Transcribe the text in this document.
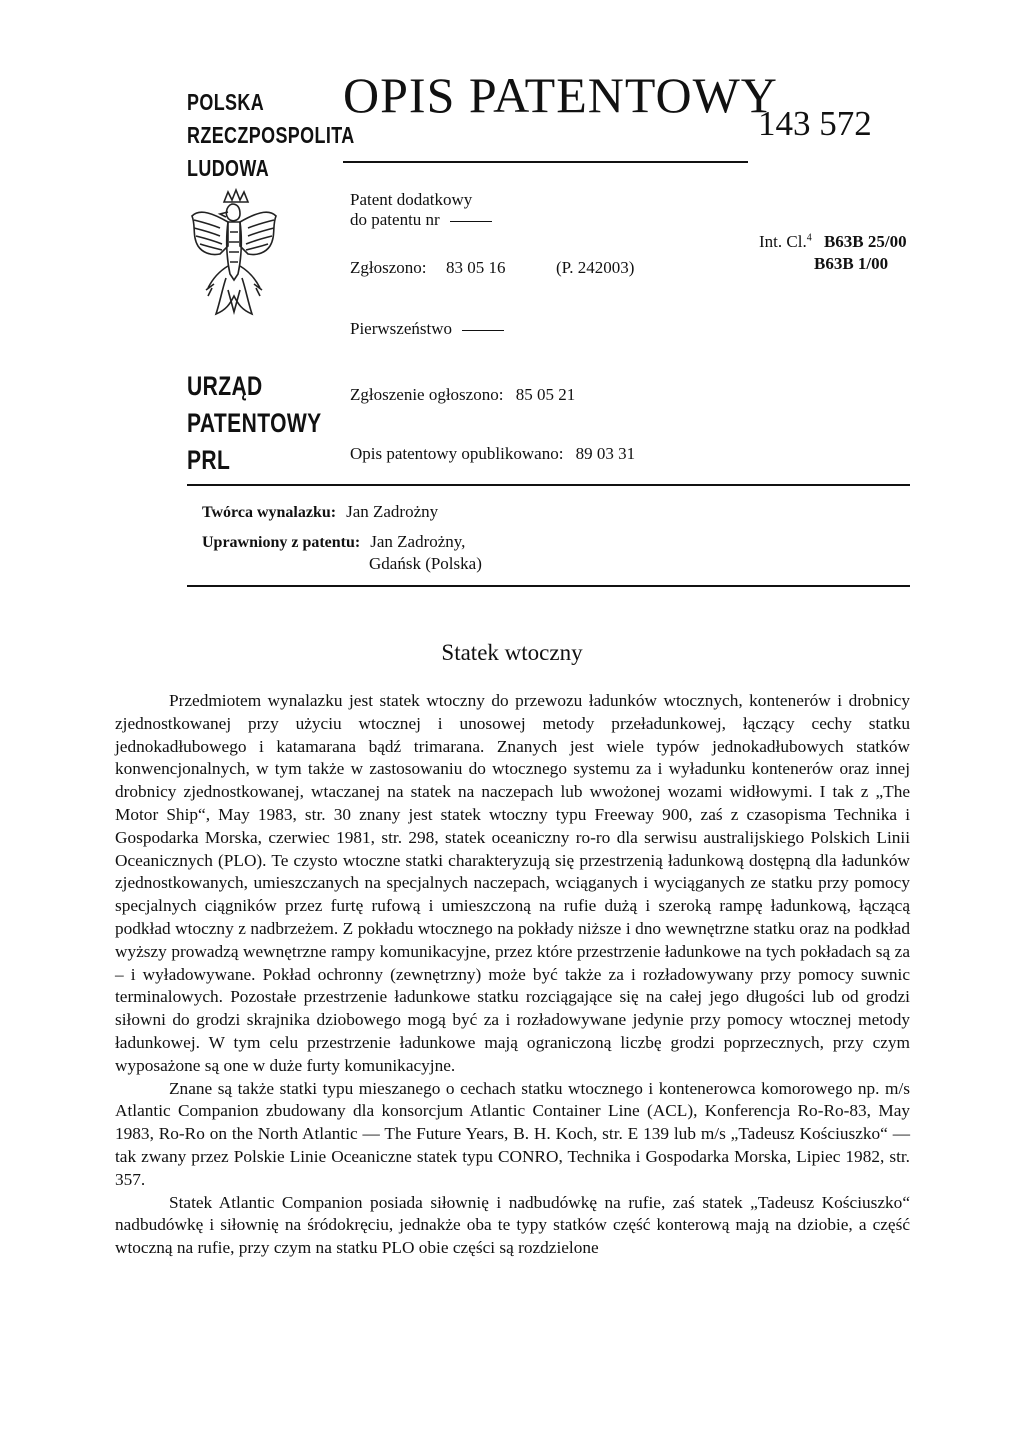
POLSKA
RZECZPOSPOLITA
LUDOWA
URZĄD
PATENTOWY
PRL
OPIS PATENTOWY
143 572
Patent dodatkowy
do patentu nr
Zgłoszono: 83 05 16	(P. 242003)
Int. Cl.$^4$ B63B 25/00
B63B 1/00
Pierwszeństwo
Zgłoszenie ogłoszono: 85 05 21
Opis patentowy opublikowano: 89 03 31
Twórca wynalazku: Jan Zadrożny
Uprawniony z patentu: Jan Zadrożny,
Gdańsk (Polska)
Statek wtoczny

Przedmiotem wynalazku jest statek wtoczny do przewozu ładunków wtocznych, kontenerów i drobnicy zjednostkowanej przy użyciu wtocznej i unosowej metody przeładunkowej, łączący cechy statku jednokadłubowego i katamarana bądź trimarana. Znanych jest wiele typów jednokadłubowych statków konwencjonalnych, w tym także w zastosowaniu do wtocznego systemu za i wyładunku kontenerów oraz innej drobnicy zjednostkowanej, wtaczanej na statek na naczepach lub wwożonej wozami widłowymi. I tak z „The Motor Ship“, May 1983, str. 30 znany jest statek wtoczny typu Freeway 900, zaś z czasopisma Technika i Gospodarka Morska, czerwiec 1981, str. 298, statek oceaniczny ro-ro dla serwisu australijskiego Polskich Linii Oceanicznych (PLO). Te czysto wtoczne statki charakteryzują się przestrzenią ładunkową dostępną dla ładunków zjednostkowanych, umieszczanych na specjalnych naczepach, wciąganych i wyciąganych ze statku przy pomocy specjalnych ciągników przez furtę rufową i umieszczoną na rufie dużą i szeroką rampę ładunkową, łączącą podkład wtoczny z nadbrzeżem. Z pokładu wtocznego na pokłady niższe i dno wewnętrzne statku oraz na podkład wyższy prowadzą wewnętrzne rampy komunikacyjne, przez które przestrzenie ładunkowe na tych pokładach są za – i wyładowywane. Pokład ochronny (zewnętrzny) może być także za i rozładowywany przy pomocy suwnic terminalowych. Pozostałe przestrzenie ładunkowe statku rozciągające się na całej jego długości lub od grodzi siłowni do grodzi skrajnika dziobowego mogą być za i rozładowywane jedynie przy pomocy wtocznej metody ładunkowej. W tym celu przestrzenie ładunkowe mają ograniczoną liczbę grodzi poprzecznych, przy czym wyposażone są one w duże furty komunikacyjne.

Znane są także statki typu mieszanego o cechach statku wtocznego i kontenerowca komorowego np. m/s Atlantic Companion zbudowany dla konsorcjum Atlantic Container Line (ACL), Konferencja Ro-Ro-83, May 1983, Ro-Ro on the North Atlantic — The Future Years, B. H. Koch, str. E 139 lub m/s „Tadeusz Kościuszko“ — tak zwany przez Polskie Linie Oceaniczne statek typu CONRO, Technika i Gospodarka Morska, Lipiec 1982, str. 357.

Statek Atlantic Companion posiada siłownię i nadbudówkę na rufie, zaś statek „Tadeusz Kościuszko“ nadbudówkę i siłownię na śródokręciu, jednakże oba te typy statków część konterową mają na dziobie, a część wtoczną na rufie, przy czym na statku PLO obie części są rozdzielone
